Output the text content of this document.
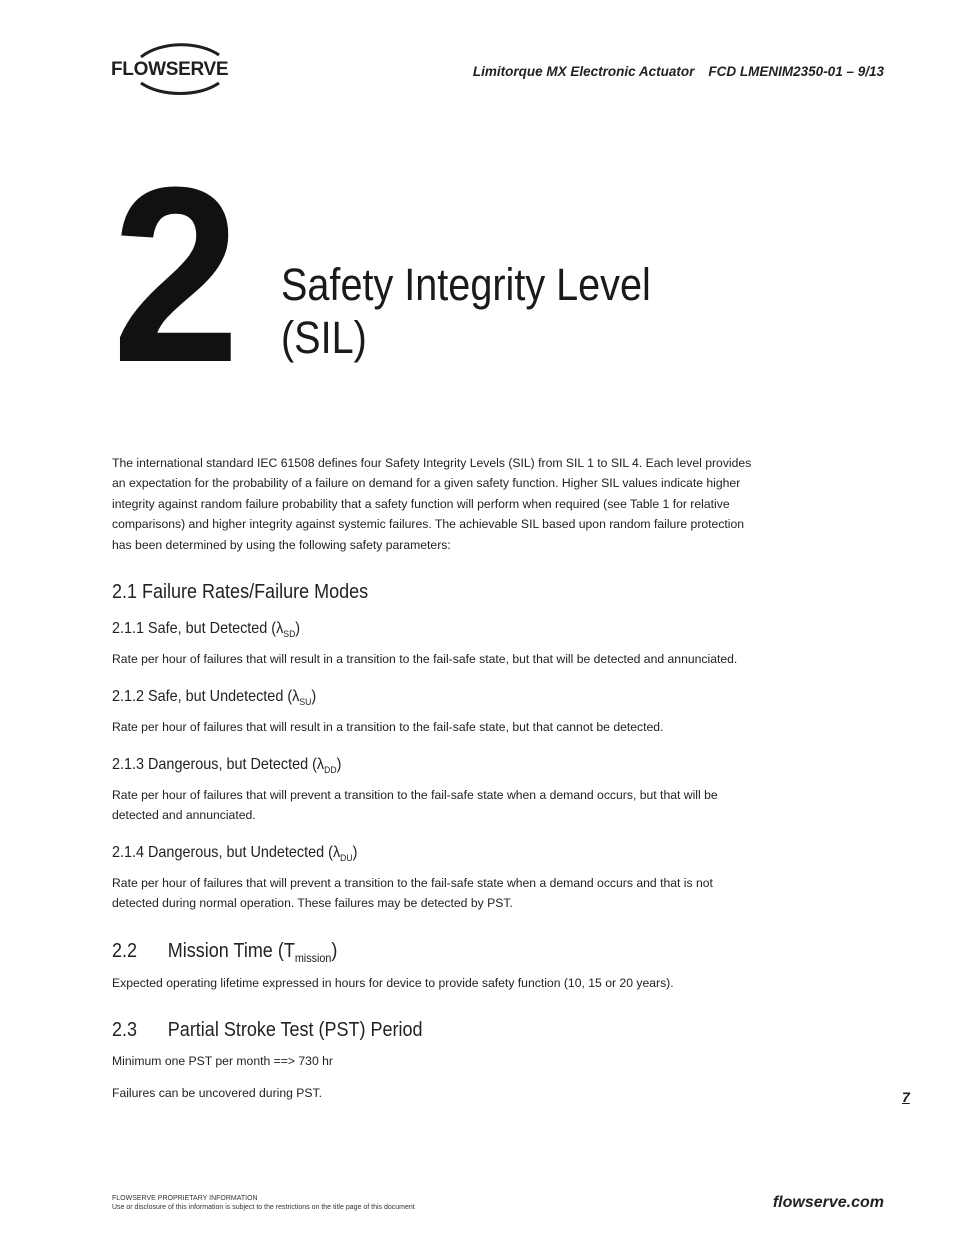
FLOWSERVE	Limitorque MX Electronic Actuator FCD LMENIM2350-01 – 9/13
2 Safety Integrity Level
(SIL)
The international standard IEC 61508 defines four Safety Integrity Levels (SIL) from SIL 1 to SIL 4. Each level provides an expectation for the probability of a failure on demand for a given safety function. Higher SIL values indicate higher integrity against random failure probability that a safety function will perform when required (see Table 1 for relative comparisons) and higher integrity against systemic failures. The achievable SIL based upon random failure protection has been determined by using the following safety parameters:
2.1 Failure Rates/Failure Modes
2.1.1 Safe, but Detected $(\lambda_{SD})$
Rate per hour of failures that will result in a transition to the fail-safe state, but that will be detected and annunciated.
2.1.2 Safe, but Undetected $(\lambda_{SU})$
Rate per hour of failures that will result in a transition to the fail-safe state, but that cannot be detected.
2.1.3 Dangerous, but Detected $(\lambda_{DD})$
Rate per hour of failures that will prevent a transition to the fail-safe state when a demand occurs, but that will be detected and annunciated.
2.1.4 Dangerous, but Undetected $(\lambda_{DU})$
Rate per hour of failures that will prevent a transition to the fail-safe state when a demand occurs and that is not detected during normal operation. These failures may be detected by PST.
2.2 Mission Time $(T_{mission})$
Expected operating lifetime expressed in hours for device to provide safety function (10, 15 or 20 years).
2.3 Partial Stroke Test (PST) Period
Minimum one PST per month ==> 730 hr
Failures can be uncovered during PST.	7
FLOWSERVE PROPRIETARY INFORMATION
Use or disclosure of this information is subject to the restrictions on the title page of this document	flowserve.com
